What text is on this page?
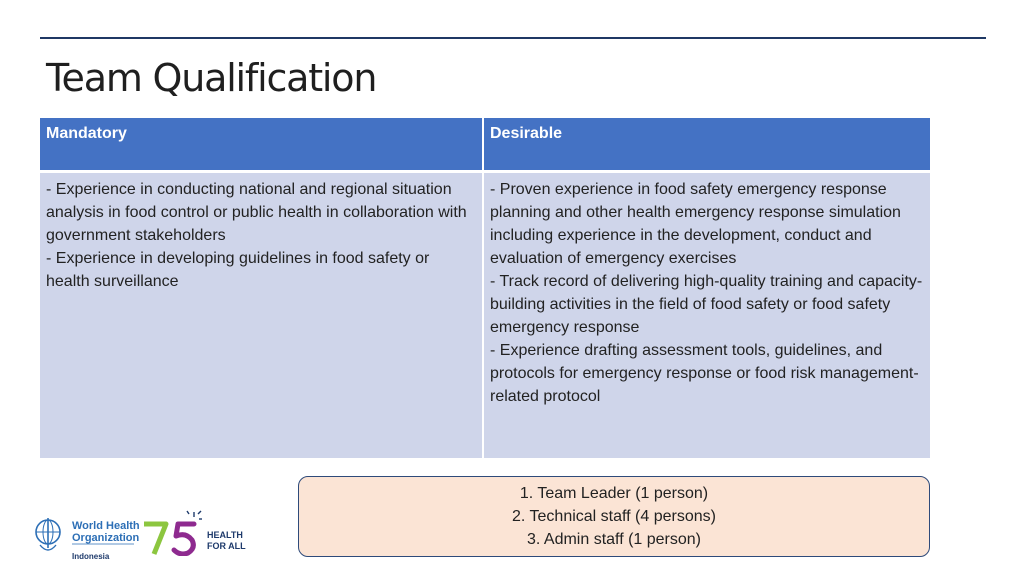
Team Qualification
Mandatory	Desirable
- Experience in conducting national and regional situation analysis in food control or public health in collaboration with government stakeholders
- Experience in developing guidelines in food safety or health surveillance
- Proven experience in food safety emergency response planning and other health emergency response simulation including experience in the development, conduct and evaluation of emergency exercises
- Track record of delivering high-quality training and capacity-building activities in the field of food safety or food safety emergency response
- Experience drafting assessment tools, guidelines, and protocols for emergency response or food risk management-related protocol
1. Team Leader (1 person)
2. Technical staff (4 persons)
3. Admin staff (1 person)
World Health
Organization
Indonesia
HEALTH
FOR ALL
